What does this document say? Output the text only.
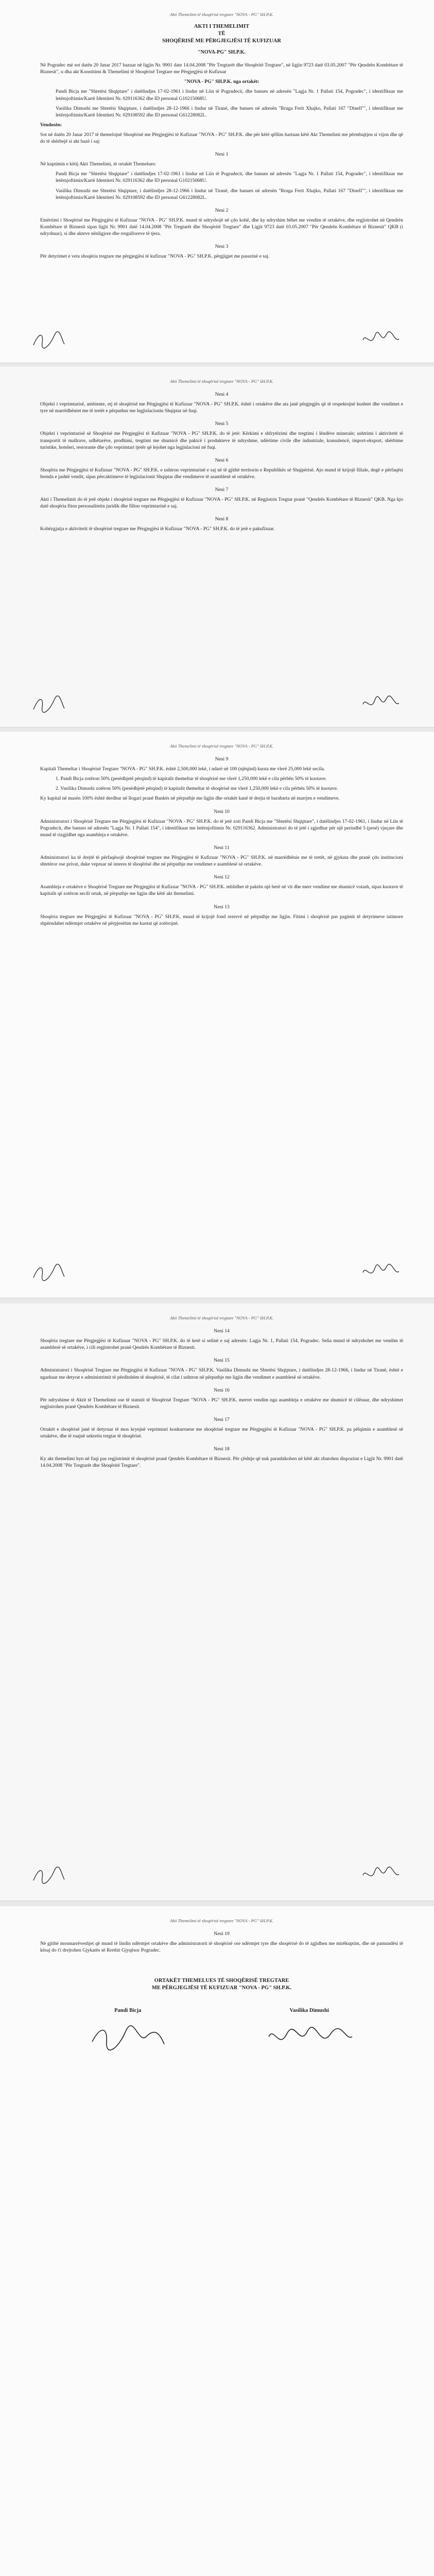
Akti Themelimi të shoqërisë tregtare "NOVA - PG" SH.P.K.
AKTI I THEMELIMIT
TË
SHOQËRISË ME PËRGJEGJËSI TË KUFIZUAR
"NOVA-PG" SH.P.K.

Në Pogradec më sot datën 20 Janar 2017 bazuar në ligjin Nr. 9901 date 14.04.2008 "Për Tregtarët dhe Shoqëritë Tregtare", në ligjin 9723 datë 03.05.2007 "Për Qendrën Kombëtare të Biznesit", u dha akt Konstitimi & Themelimi të Shoqërisë Tregtare me Përgjegjësi të Kufizuar

"NOVA - PG" SH.P.K. nga ortakët:

Pandi Bicja me "Shtetësi Shqiptare" i datëlindjes 17-02-1961 i lindur në Liin të Pogradecit, dhe banues në adresën "Lagja Nr. 1 Pallati 154, Pogradec", i identifikuar me letërnjoftimin/Kartë Identiteti Nr. 029116362 dhe ID personal G10215068U.

Vasilika Dimushi me Shtetësi Shqiptare, i datëlindjes 28-12-1966 i lindur në Tiranë, dhe banues në adresën "Rruga Ferit Xhajko, Pallati 167 "Dinell"", i identifikuar me letërnjoftimin/Kartë Identiteti Nr. 029108592 dhe ID personal G61228082L.

Vendosën:

Sot në datën 20 Janar 2017 të themelojnë Shoqërinë me Përgjegjësi të Kufizuar "NOVA - PG" SH.P.K. dhe për këtë qëllim hartuan këtë Akt Themelimi me përmbajtjen si vijon dhe që do të shërbejë si akt bazë i saj:

Neni 1

Në kuptimin e këtij Akti Themelimi, të ortakët Themelues:

Pandi Bicja me "Shtetësi Shqiptare" i datëlindjes 17-02-1961 i lindur në Liin të Pogradecit, dhe banues në adresën "Lagja Nr. 1 Pallati 154, Pogradec", i identifikuar me letërnjoftimin/Kartë Identiteti Nr. 029116362 dhe ID personal G10215068U.

Vasilika Dimushi me Shtetësi Shqiptare, i datëlindjes 28-12-1966 i lindur në Tiranë, dhe banues në adresën "Rruga Ferit Xhajko, Pallati 167 "Dinell"", i identifikuar me letërnjoftimin/Kartë Identiteti Nr. 029108592 dhe ID personal G61228082L.

Neni 2

Emërtimi i Shoqërisë me Përgjegjësi të Kufizuar "NOVA - PG" SH.P.K. mund të ndryshojë në çdo kohë, dhe ky ndryshim bëhet me vendim të ortakëve, dhe regjistrohet në Qendrën Kombëtare të Biznesit sipas ligjit Nr. 9901 datë 14.04.2008 "Për Tregtarët dhe Shoqëritë Tregtare" dhe Ligjit 9723 datë 03.05.2007 "Për Qendrën Kombëtare të Biznesit" QKB (i ndryshuar), si dhe akteve nënligjore dhe rregulloreve të tjera.

Neni 3

Për detyrimet e veta shoqëria tregtare me përgjegjësi të kufizuar "NOVA - PG" SH.P.K. përgjigjet me pasurinë e saj.

Akti Themelimi të shoqërisë tregtare "NOVA - PG" SH.P.K.
Neni 4

Objekti i veprimtarisë, ambiente, etj të shoqërisë me Përgjegjësi të Kufizuar "NOVA - PG" SH.P.K. është i ortakëve dhe ata janë përgjegjës që të respektojnë kushtet dhe vendimet e tyre në marrëdhëniet me të tretët e përputhur me legjislacionin Shqiptar në fuqi.

Neni 5

Objekti i veprimtarisë së Shoqërisë me Përgjegjësi të Kufizuar "NOVA - PG" SH.P.K. do të jetë: Kërkimi e shfrytëzimi dhe tregtimi i lëndëve minerale; ushtrimi i aktivitetit të transportit të mallrave, udhëtarëve, prodhimi, tregtimi me shumicë dhe pakicë i produkteve të ndryshme, ndërtime civile dhe industriale, konsulencë, import-eksport, shërbime turistike, hoteleri, restorante dhe çdo veprimtari tjetër që lejohet nga legjislacioni në fuqi.

Neni 6

Shoqëria me Përgjegjësi të Kufizuar "NOVA - PG" SH.P.K. e ushtron veprimtarinë e saj në të gjithë territorin e Republikës së Shqipërisë. Ajo mund të krijojë filiale, degë e përfaqësi brenda e jashtë vendit, sipas përcaktimeve të legjislacionit Shqiptar dhe vendimeve të asamblesë së ortakëve.

Neni 7

Akti i Themelimit do të jetë objekt i shoqërisë tregtare me Përgjegjësi të Kufizuar "NOVA - PG" SH.P.K. në Regjistrin Tregtar pranë "Qendrës Kombëtare të Biznesit" QKB. Nga kjo datë shoqëria fiton personalitetin juridik dhe fillon veprimtarinë e saj.

Neni 8

Kohëzgjatja e aktivitetit të shoqërisë tregtare me Përgjegjësi të Kufizuar "NOVA - PG" SH.P.K. do të jetë e pakufizuar.

Akti Themelimi të shoqërisë tregtare "NOVA - PG" SH.P.K.
Neni 9

Kapitali Themeltar i Shoqërisë Tregtare "NOVA - PG" SH.P.K. është 2,500,000 lekë, i ndarë në 100 (njëqind) kuota me vlerë 25,000 lekë secila.

1. Pandi Bicja zotëron 50% (pesëdhjetë përqind) të kapitalit themeltar të shoqërisë me vlerë 1,250,000 lekë e cila përbën 50% të kuotave.

2. Vasilika Dimushi zotëron 50% (pesëdhjetë përqind) të kapitalit themeltar të shoqërisë me vlerë 1,250,000 lekë e cila përbën 50% të kuotave.

Ky kapital në masën 100% është derdhur në llogari pranë Bankës në përputhje me ligjin dhe ortakët kanë të drejta të barabarta në marrjen e vendimeve.

Neni 10

Administratori i Shoqërisë Tregtare me Përgjegjësi të Kufizuar "NOVA - PG" SH.P.K. do të jetë zoti Pandi Bicja me "Shtetësi Shqiptare", i datëlindjes 17-02-1961, i lindur në Liin të Pogradecit, dhe banues në adresën "Lagja Nr. 1 Pallati 154", i identifikuar me letërnjoftimin Nr. 029116362. Administratori do të jetë i zgjedhur për një periudhë 5 (pesë) vjeçare dhe mund të rizgjidhet nga asambleja e ortakëve.

Neni 11

Administratori ka të drejtë të përfaqësojë shoqërinë tregtare me Përgjegjësi të Kufizuar "NOVA - PG" SH.P.K. në marrëdhënie me të tretët, në gjykata dhe pranë çdo institucioni shtetëror ose privat, duke vepruar në interes të shoqërisë dhe në përputhje me vendimet e asamblesë së ortakëve.

Neni 12

Asambleja e ortakëve e Shoqërisë Tregtare me Përgjegjësi të Kufizuar "NOVA - PG" SH.P.K. mblidhet të paktën një herë në vit dhe merr vendime me shumicë votash, sipas kuotave të kapitalit që zotëron secili ortak, në përputhje me ligjin dhe këtë akt themelimi.

Neni 13

Shoqëria tregtare me Përgjegjësi të Kufizuar "NOVA - PG" SH.P.K. mund të krijojë fond rezervë në përputhje me ligjin. Fitimi i shoqërisë pas pagimit të detyrimeve tatimore shpërndahet ndërmjet ortakëve në përpjesëtim me kuotat që zotërojnë.

Akti Themelimi të shoqërisë tregtare "NOVA - PG" SH.P.K.
Neni 14

Shoqëria tregtare me Përgjegjësi të Kufizuar "NOVA - PG" SH.P.K. do të ketë si selinë e saj adresën: Lagja Nr. 1, Pallati 154, Pogradec. Selia mund të ndryshohet me vendim të asamblesë së ortakëve, i cili regjistrohet pranë Qendrës Kombëtare të Biznesit.

Neni 15

Administratori i Shoqërisë Tregtare me Përgjegjësi të Kufizuar "NOVA - PG" SH.P.K. Vasilika Dimushi me Shtetësi Shqiptare, i datëlindjes 28-12-1966, i lindur në Tiranë, është e ngarkuar me detyrat e administrimit të përditshëm të shoqërisë, të cilat i ushtron në përputhje me ligjin dhe vendimet e asamblesë së ortakëve.

Neni 16

Për ndryshime të Aktit të Themelimit ose të statutit të Shoqërisë Tregtare "NOVA - PG" SH.P.K. merret vendim nga asambleja e ortakëve me shumicë të cilësuar, dhe ndryshimet regjistrohen pranë Qendrës Kombëtare të Biznesit.

Neni 17

Ortakët e shoqërisë janë të detyruar të mos kryejnë veprimtari konkurruese me shoqërinë tregtare me Përgjegjësi të Kufizuar "NOVA - PG" SH.P.K. pa pëlqimin e asamblesë së ortakëve, dhe të ruajnë sekretin tregtar të shoqërisë.

Neni 18

Ky akt themelimi hyn në fuqi pas regjistrimit të shoqërisë pranë Qendrës Kombëtare të Biznesit. Për çështje që nuk parashikohen në këtë akt zbatohen dispozitat e Ligjit Nr. 9901 datë 14.04.2008 "Për Tregtarët dhe Shoqëritë Tregtare".

Akti Themelimi të shoqërisë tregtare "NOVA - PG" SH.P.K.
Neni 19

Në gjithë mosmarrëveshjet që mund të lindin ndërmjet ortakëve dhe administratorit të shoqërisë ose ndërmjet tyre dhe shoqërisë do të zgjidhen me mirëkuptim, dhe në pamundësi të kësaj do t'i drejtohen Gjykatës së Rrethit Gjyqësor Pogradec.

ORTAKËT THEMELUES TË SHOQËRISË TREGTARE
ME PËRGJEGJËSI TË KUFIZUAR "NOVA - PG" SH.P.K.
Pandi Bicja	Vasilika Dimushi
